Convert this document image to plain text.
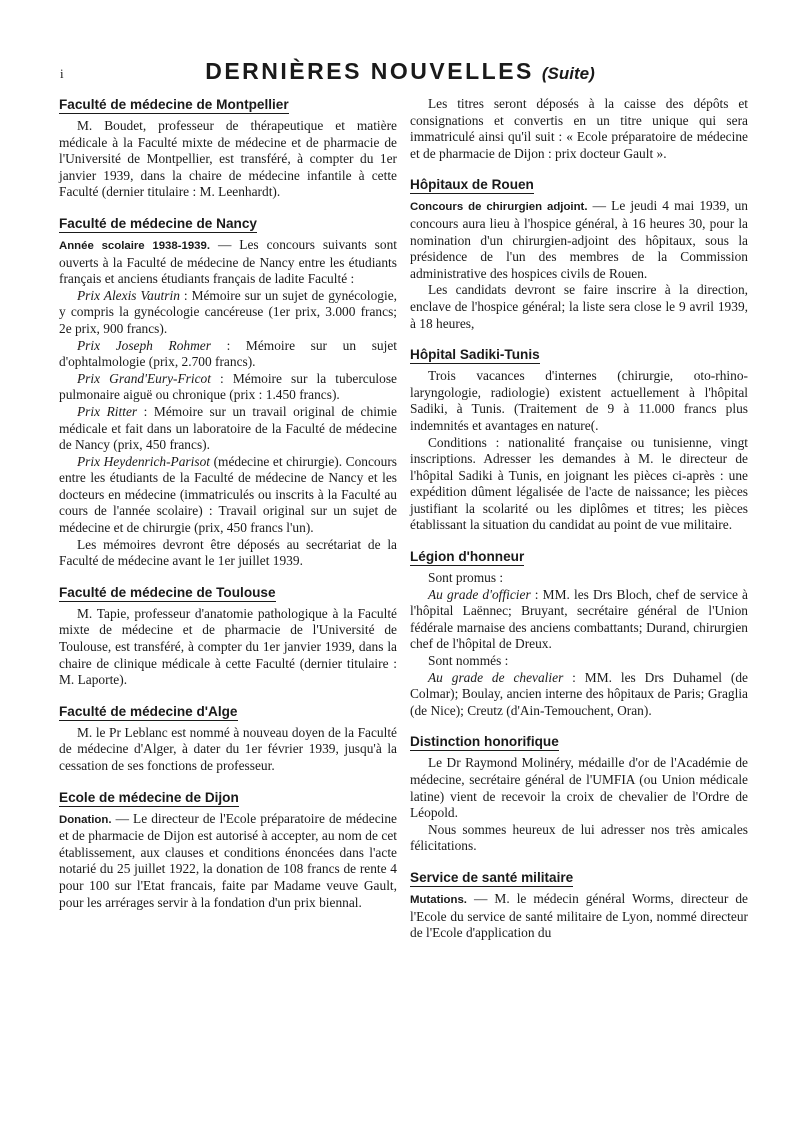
i	DERNIÈRES NOUVELLES (Suite)
Faculté de médecine de Montpellier

M. Boudet, professeur de thérapeutique et matière médicale à la Faculté mixte de médecine et de pharmacie de l'Université de Montpellier, est transféré, à compter du 1er janvier 1939, dans la chaire de médecine infantile à cette Faculté (dernier titulaire : M. Leenhardt).

Faculté de médecine de Nancy

Année scolaire 1938-1939. — Les concours suivants sont ouverts à la Faculté de médecine de Nancy entre les étudiants français et anciens étudiants français de ladite Faculté :

Prix Alexis Vautrin : Mémoire sur un sujet de gynécologie, y compris la gynécologie cancéreuse (1er prix, 3.000 francs; 2e prix, 900 francs).

Prix Joseph Rohmer : Mémoire sur un sujet d'ophtalmologie (prix, 2.700 francs).

Prix Grand'Eury-Fricot : Mémoire sur la tuberculose pulmonaire aiguë ou chronique (prix : 1.450 francs).

Prix Ritter : Mémoire sur un travail original de chimie médicale et fait dans un laboratoire de la Faculté de médecine de Nancy (prix, 450 francs).

Prix Heydenrich-Parisot (médecine et chirurgie). Concours entre les étudiants de la Faculté de médecine de Nancy et les docteurs en médecine (immatriculés ou inscrits à la Faculté au cours de l'année scolaire) : Travail original sur un sujet de médecine et de chirurgie (prix, 450 francs l'un).

Les mémoires devront être déposés au secrétariat de la Faculté de médecine avant le 1er juillet 1939.

Faculté de médecine de Toulouse

M. Tapie, professeur d'anatomie pathologique à la Faculté mixte de médecine et de pharmacie de l'Université de Toulouse, est transféré, à compter du 1er janvier 1939, dans la chaire de clinique médicale à cette Faculté (dernier titulaire : M. Laporte).

Faculté de médecine d'Alge

M. le Pr Leblanc est nommé à nouveau doyen de la Faculté de médecine d'Alger, à dater du 1er février 1939, jusqu'à la cessation de ses fonctions de professeur.

Ecole de médecine de Dijon

Donation. — Le directeur de l'Ecole préparatoire de médecine et de pharmacie de Dijon est autorisé à accepter, au nom de cet établissement, aux clauses et conditions énoncées dans l'acte notarié du 25 juillet 1922, la donation de 108 francs de rente 4 pour 100 sur l'Etat francais, faite par Madame veuve Gault, pour les arrérages servir à la fondation d'un prix biennal.

Les titres seront déposés à la caisse des dépôts et consignations et convertis en un titre unique qui sera immatriculé ainsi qu'il suit : « Ecole préparatoire de médecine et de pharmacie de Dijon : prix docteur Gault ».

Hôpitaux de Rouen

Concours de chirurgien adjoint. — Le jeudi 4 mai 1939, un concours aura lieu à l'hospice général, à 16 heures 30, pour la nomination d'un chirurgien-adjoint des hôpitaux, sous la présidence de l'un des membres de la Commission administrative des hospices civils de Rouen.

Les candidats devront se faire inscrire à la direction, enclave de l'hospice général; la liste sera close le 9 avril 1939, à 18 heures,

Hôpital Sadiki-Tunis

Trois vacances d'internes (chirurgie, oto-rhino-laryngologie, radiologie) existent actuellement à l'hôpital Sadiki, à Tunis. (Traitement de 9 à 11.000 francs plus indemnités et avantages en nature(.

Conditions : nationalité française ou tunisienne, vingt inscriptions. Adresser les demandes à M. le directeur de l'hôpital Sadiki à Tunis, en joignant les pièces ci-après : une expédition dûment légalisée de l'acte de naissance; les pièces justifiant la scolarité ou les diplômes et titres; les pièces établissant la situation du candidat au point de vue militaire.

Légion d'honneur

Sont promus :

Au grade d'officier : MM. les Drs Bloch, chef de service à l'hôpital Laënnec; Bruyant, secrétaire général de l'Union fédérale marnaise des anciens combattants; Durand, chirurgien chef de l'hôpital de Dreux.

Sont nommés :

Au grade de chevalier : MM. les Drs Duhamel (de Colmar); Boulay, ancien interne des hôpitaux de Paris; Graglia (de Nice); Creutz (d'Ain-Temouchent, Oran).

Distinction honorifique

Le Dr Raymond Molinéry, médaille d'or de l'Académie de médecine, secrétaire général de l'UMFIA (ou Union médicale latine) vient de recevoir la croix de chevalier de l'Ordre de Léopold.

Nous sommes heureux de lui adresser nos très amicales félicitations.

Service de santé militaire

Mutations. — M. le médecin général Worms, directeur de l'Ecole du service de santé militaire de Lyon, nommé directeur de l'Ecole d'application du
